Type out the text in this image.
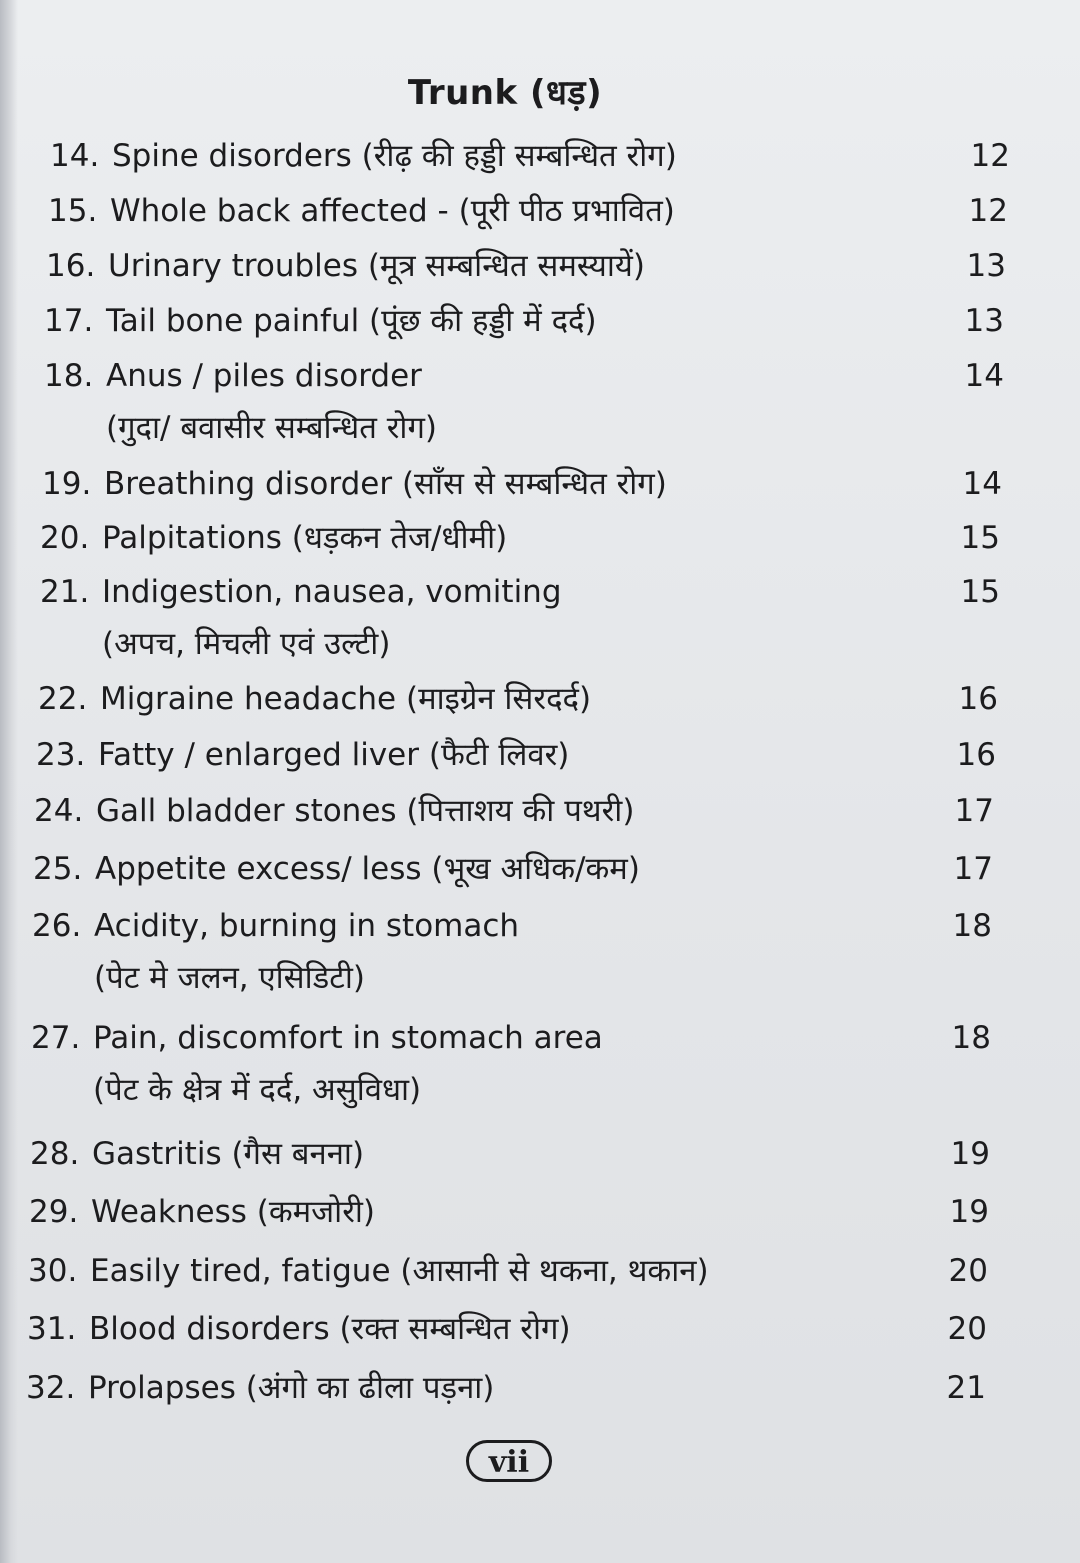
Trunk (धड़)
14. Spine disorders (रीढ़ की हड्डी सम्बन्धित रोग)	12
15. Whole back affected - (पूरी पीठ प्रभावित)	12
16. Urinary troubles (मूत्र सम्बन्धित समस्यायें)	13
17. Tail bone painful (पूंछ की हड्डी में दर्द)	13
18. Anus / piles disorder
(गुदा/ बवासीर सम्बन्धित रोग)
14
19. Breathing disorder (साँस से सम्बन्धित रोग)	14
20. Palpitations (धड़कन तेज/धीमी)	15
21. Indigestion, nausea, vomiting
(अपच, मिचली एवं उल्टी)
15
22. Migraine headache (माइग्रेन सिरदर्द)	16
23. Fatty / enlarged liver (फैटी लिवर)	16
24. Gall bladder stones (पित्ताशय की पथरी)	17
25. Appetite excess/ less (भूख अधिक/कम)	17
26. Acidity, burning in stomach
(पेट मे जलन, एसिडिटी)
18
27. Pain, discomfort in stomach area
(पेट के क्षेत्र में दर्द, असुविधा)
18
28. Gastritis (गैस बनना)	19
29. Weakness (कमजोरी)	19
30. Easily tired, fatigue (आसानी से थकना, थकान)	20
31. Blood disorders (रक्त सम्बन्धित रोग)	20
32. Prolapses (अंगो का ढीला पड़ना)	21
vii
